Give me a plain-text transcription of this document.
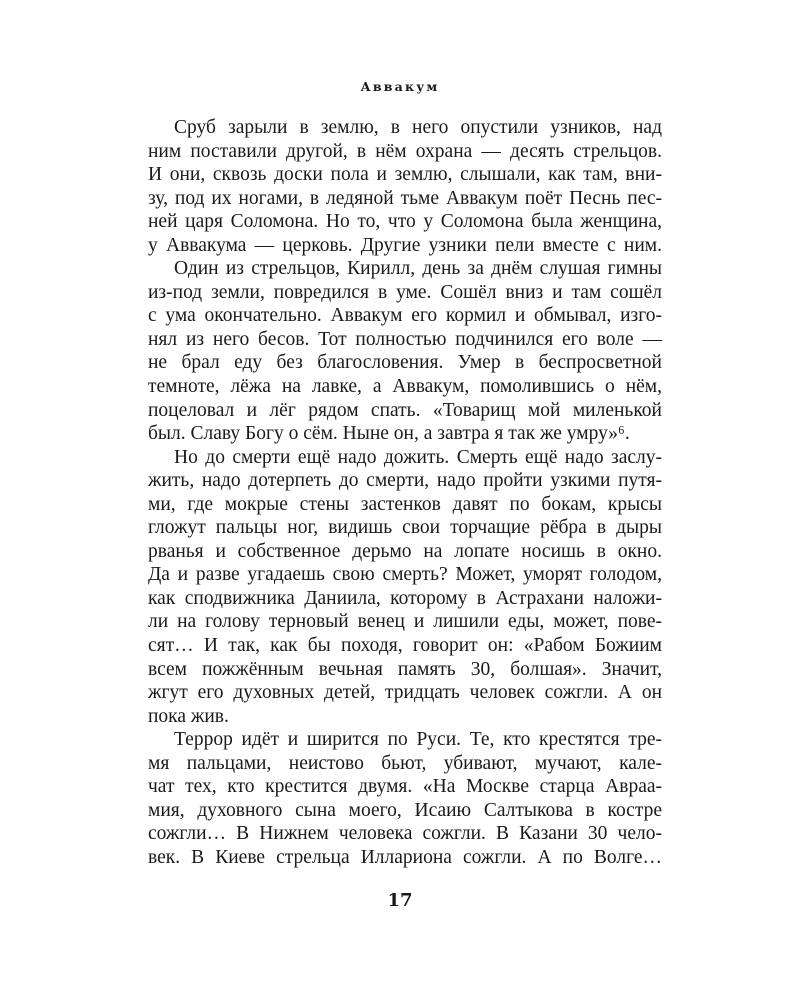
Аввакум
Сруб зарыли в землю, в него опустили узников, над
ним поставили другой, в нём охрана — десять стрельцов.
И они, сквозь доски пола и землю, слышали, как там, вни-
зу, под их ногами, в ледяной тьме Аввакум поёт Песнь пес-
ней царя Соломона. Но то, что у Соломона была женщина,
у Аввакума — церковь. Другие узники пели вместе с ним.
Один из стрельцов, Кирилл, день за днём слушая гимны
из-под земли, повредился в уме. Сошёл вниз и там сошёл
с ума окончательно. Аввакум его кормил и обмывал, изго-
нял из него бесов. Тот полностью подчинился его воле —
не брал еду без благословения. Умер в беспросветной
темноте, лёжа на лавке, а Аввакум, помолившись о нём,
поцеловал и лёг рядом спать. «Товарищ мой миленькой
был. Славу Богу о сём. Ныне он, а завтра я так же умру»⁶.
Но до смерти ещё надо дожить. Смерть ещё надо заслу-
жить, надо дотерпеть до смерти, надо пройти узкими путя-
ми, где мокрые стены застенков давят по бокам, крысы
гложут пальцы ног, видишь свои торчащие рёбра в дыры
рванья и собственное дерьмо на лопате носишь в окно.
Да и разве угадаешь свою смерть? Может, уморят голодом,
как сподвижника Даниила, которому в Астрахани наложи-
ли на голову терновый венец и лишили еды, может, пове-
сят… И так, как бы походя, говорит он: «Рабом Божиим
всем пожжённым вечьная память 30, болшая». Значит,
жгут его духовных детей, тридцать человек сожгли. А он
пока жив.
Террор идёт и ширится по Руси. Те, кто крестятся тре-
мя пальцами, неистово бьют, убивают, мучают, кале-
чат тех, кто крестится двумя. «На Москве старца Авраа-
мия, духовного сына моего, Исаию Салтыкова в костре
сожгли… В Нижнем человека сожгли. В Казани 30 чело-
век. В Киеве стрельца Иллариона сожгли. А по Волге…
17
